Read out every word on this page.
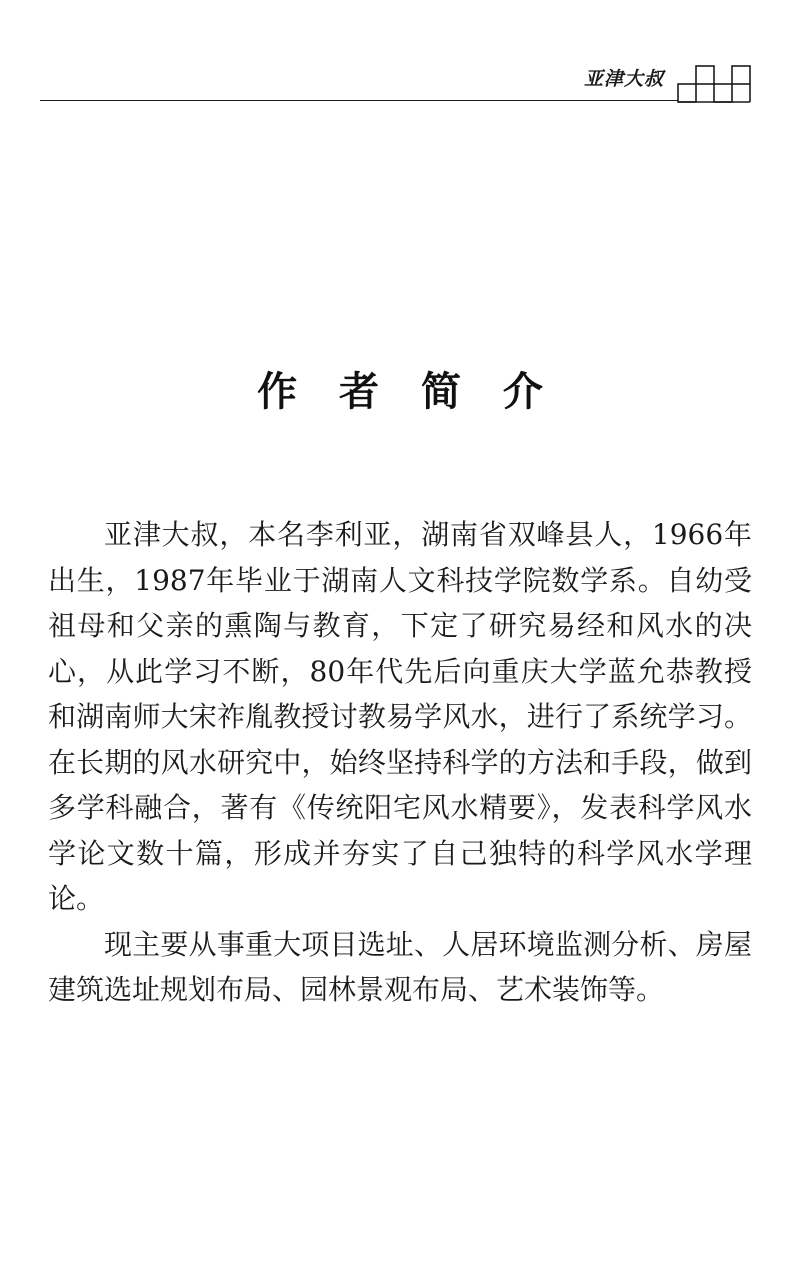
亚津大叔
作 者 简 介

亚津大叔，本名李利亚，湖南省双峰县人，1966年出生，1987年毕业于湖南人文科技学院数学系。自幼受祖母和父亲的熏陶与教育，下定了研究易经和风水的决心，从此学习不断，80年代先后向重庆大学蓝允恭教授和湖南师大宋祚胤教授讨教易学风水，进行了系统学习。在长期的风水研究中，始终坚持科学的方法和手段，做到多学科融合，著有《传统阳宅风水精要》，发表科学风水学论文数十篇，形成并夯实了自己独特的科学风水学理论。

现主要从事重大项目选址、人居环境监测分析、房屋建筑选址规划布局、园林景观布局、艺术装饰等。
